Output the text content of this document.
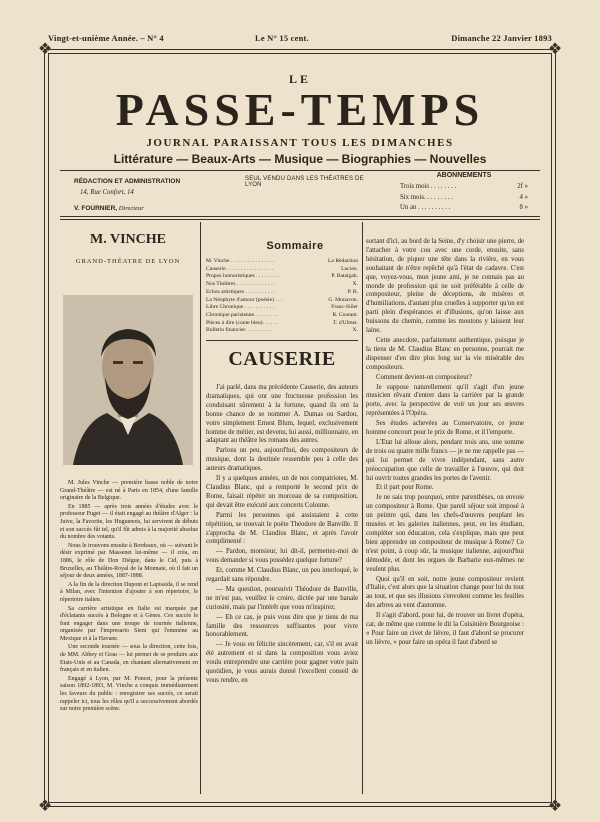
Vingt-et-unième Année. – N° 4	Le N° 15 cent.	Dimanche 22 Janvier 1893
❖	❖
❖	❖
LE
PASSE-TEMPS
JOURNAL PARAISSANT TOUS LES DIMANCHES
Littérature — Beaux-Arts — Musique — Biographies — Nouvelles
RÉDACTION ET ADMINISTRATION
14, Rue Confort, 14
V. FOURNIER, Directeur
SEUL VENDU DANS LES THÉATRES DE LYON
ABONNEMENTS
Trois mois . . . . . . . .	2f »
Six mois. . . . . . . . .	4 »
Un an . . . . . . . . . .	8 »
M. VINCHE
GRAND-THÉATRE DE LYON

M. Jules Vinche — première basse noble de notre Grand-Théâtre — est né à Paris en 1854, d'une famille originaire de la Belgique.

En 1885 — après trois années d'études avec le professeur Puget — il était engagé au théâtre d'Alger : la Juive, la Favorite, les Huguenots, lui servirent de débuts et son succès fût tel, qu'il fût admis à la majorité absolue du nombre des votants.

Nous le trouvons ensuite à Bordeaux, où — suivant le désir exprimé par Massenet lui-même — il créa, en 1886, le rôle de Don Diègue, dans le Cid, puis à Bruxelles, au Théâtre-Royal de la Monnaie, où il fait un séjour de deux années, 1887-1888.

A la fin de la direction Dupont et Lapissida, il se rend à Milan, avec l'intention d'ajouter à son répertoire, le répertoire italien.

Sa carrière artistique en Italie est marquée par d'éclatants succès à Bologne et à Gènes. Ces succès le font engager dans une troupe de tournée italienne, organisée par l'impresario Sieni qui l'emmène au Mexique et à la Havane.

Une seconde tournée — sous la direction, cette fois, de MM. Abbey et Grau — lui permet de se produire aux Etats-Unis et au Canada, en chantant alternativement en français et en italien.

Engagé à Lyon, par M. Poncet, pour la présente saison 1892-1893, M. Vinche a conquis immédiatement les faveurs du public : enregistrer ses succès, ce serait rappeler ici, tous les rôles qu'il a successivement abordés sur notre première scène.

Sommaire
M. Vinche . . . . . . . . . . . . . . . .	La Rédaction
Causerie . . . . . . . . . . . . . . . . .	Lucien.
Propos humoristiques . . . . . . . . .	P. Bataigab.
Nos Théâtres . . . . . . . . . . . . . .	X.
Echos artistiques . . . . . . . . . . .	P. B.
La Néophyte d'amour (poésie) . . .	G. Monavon.
Libre Chronique . . . . . . . . . . .	Franc-Siller
Chronique parisienne. . . . . . . . .	R. Coutant.
Pièces à dire (conte bleu). . . . . .	T. d'Ulmer.
Bulletin financier. . . . . . . . . .	X.
CAUSERIE

J'ai parlé, dans ma précédente Causerie, des auteurs dramatiques, qui ont une fructueuse profession les conduisant sûrement à la fortune, quand ils ont la bonne chance de se nommer A. Dumas ou Sardou, votre simplement Ernest Blum, lequel, exclusivement homme de métier, est devenu, lui aussi, millionnaire, en adaptant au théâtre les romans des autres.

Parlons un peu, aujourd'hui, des compositeurs de musique, dont la destinée ressemble peu à celle des auteurs dramatiques.

Il y a quelques années, un de nos compatriotes, M. Claudius Blanc, qui a remporté le second prix de Rome, faisait répéter un morceau de sa composition, qui devait être exécuté aux concerts Colonne.

Parmi les personnes qui assistaient à cette répétition, se trouvait le poète Théodore de Banville. Il s'approcha de M. Claudius Blanc, et après l'avoir complimenté :

— Pardon, monsieur, lui dit-il, permettez-moi de vous demander si vous possédez quelque fortune?

Et, comme M. Claudius Blanc, un peu interloqué, le regardait sans répondre.

— Ma question, poursuivit Théodore de Banville, ne m'est pas, veuillez le croire, dictée par une banale curiosité, mais par l'intérêt que vous m'inspirez.

— Eh ce cas, je puis vous dire que je tiens de ma famille des ressources suffisantes pour vivre honorablement.

— Je vous en félicite sincèrement, car, s'il en avait été autrement et si dans la composition vous aviez voulu entreprendre une carrière pour gagner votre pain quotidien, je vous aurais donné l'excellent conseil de vous rendre, en

sortant d'ici, au bord de la Seine, d'y choisir une pierre, de l'attacher à votre cou avec une corde, ensuite, sans hésitation, de piquer une tête dans la rivière, en vous souhaitant de n'être repêché qu'à l'état de cadavre. C'est que, voyez-vous, mon jeune ami, je ne connais pas au monde de profession qui ne soit préférable à celle de compositeur, pleine de déceptions, de misères et d'humiliations, d'autant plus cruelles à supporter qu'on est parti plein d'espérances et d'illusions, qu'on laisse aux buissons du chemin, comme les moutons y laissent leur laine.

Cette anecdote, parfaitement authentique, puisque je la tiens de M. Claudius Blanc en personne, pourrait me dispenser d'en dire plus long sur la vie misérable des compositeurs.

Comment devient-on compositeur?

Je suppose naturellement qu'il s'agit d'un jeune musicien rêvant d'entrer dans la carrière par la grande porte, avec la perspective de voir un jour ses œuvres représentées à l'Opéra.

Ses études achevées au Conservatoire, ce jeune homme concourt pour le prix de Rome, et il l'emporte.

L'Etat lui alloue alors, pendant trois ans, une somme de trois ou quatre mille francs — je ne me rappelle pas — qui lui permet de vivre indépendant, sans autre préoccupation que celle de travailler à l'œuvre, qui doit lui ouvrir toutes grandes les portes de l'avenir.

Et il part pour Rome.

Je ne sais trop pourquoi, entre parenthèses, on envoie un compositeur à Rome. Que pareil séjour soit imposé à un peintre qui, dans les chefs-d'œuvres peuplant les musées et les galeries italiennes, peut, en les étudiant, compléter son éducation, cela s'explique, mais que peut bien apprendre un compositeur de musique à Rome? Ce n'est point, à coup sûr, la musique italienne, aujourd'hui démodée, et dont les orgues de Barbarie eux-mêmes ne veulent plus.

Quoi qu'il en soit, notre jeune compositeur revient d'Italie, c'est alors que la situation change pour lui du tout au tout, et que ses illusions s'envolent comme les feuilles des arbres au vent d'automne.

Il s'agit d'abord, pour lui, de trouver un livret d'opéra, car, de même que comme le dit la Cuisinière Bourgeoise : « Pour faire un civet de lièvre, il faut d'abord se procurer un lièvre, » pour faire un opéra il faut d'abord se
